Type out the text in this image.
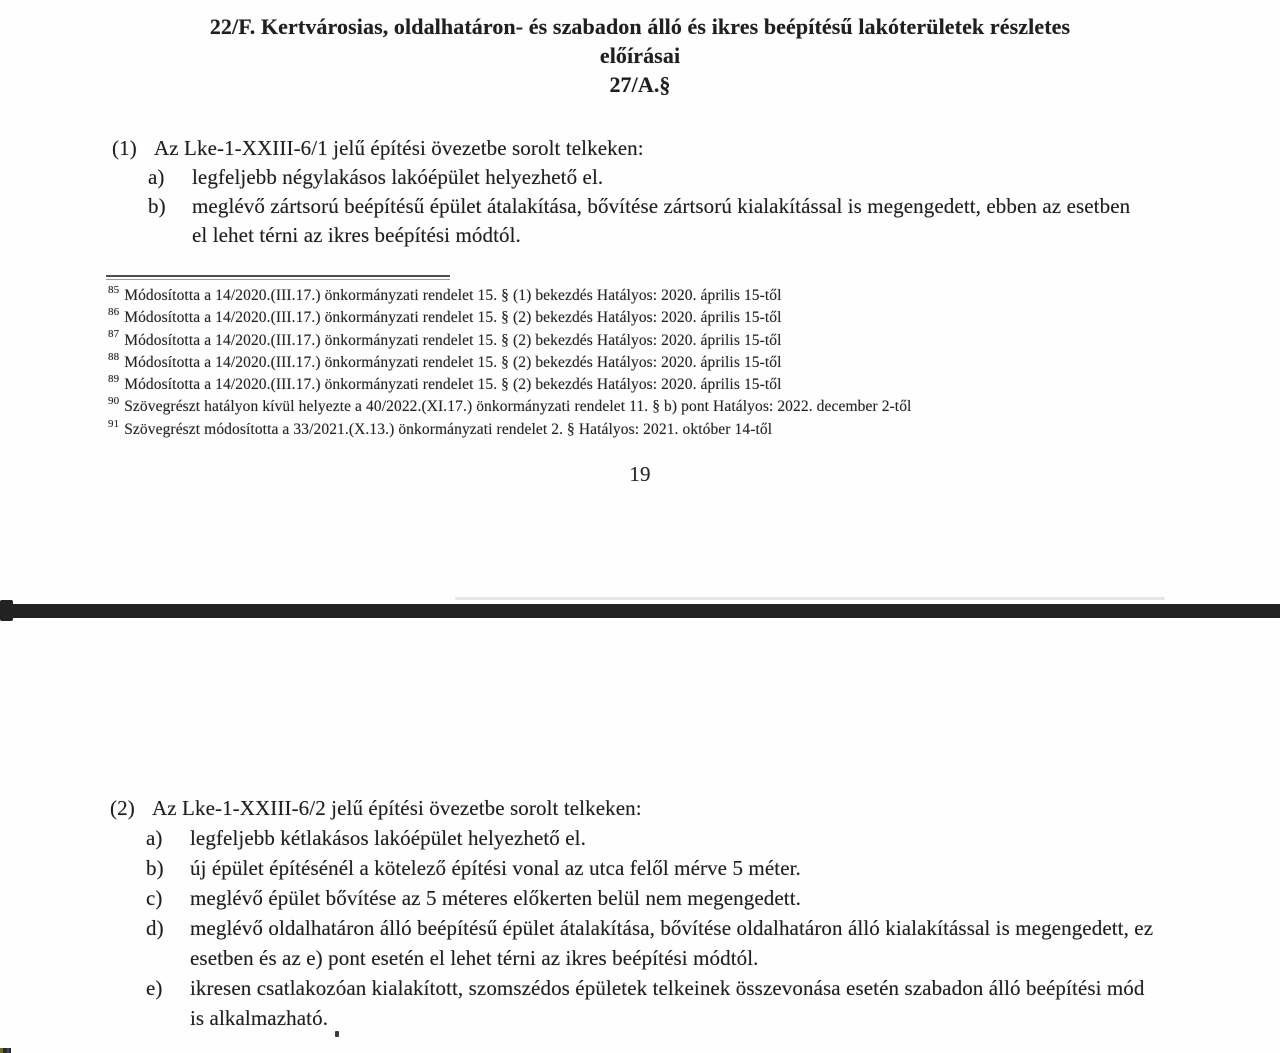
22/F. Kertvárosias, oldalhatáron- és szabadon álló és ikres beépítésű lakóterületek részletes
előírásai
27/A.§
(1) Az Lke-1-XXIII-6/1 jelű építési övezetbe sorolt telkeken:
a)	legfeljebb négylakásos lakóépület helyezhető el.
b)	meglévő zártsorú beépítésű épület átalakítása, bővítése zártsorú kialakítással is megengedett, ebben az esetben el lehet térni az ikres beépítési módtól.
$^{85}$ Módosította a 14/2020.(III.17.) önkormányzati rendelet 15. § (1) bekezdés Hatályos: 2020. április 15-től
$^{86}$ Módosította a 14/2020.(III.17.) önkormányzati rendelet 15. § (2) bekezdés Hatályos: 2020. április 15-től
$^{87}$ Módosította a 14/2020.(III.17.) önkormányzati rendelet 15. § (2) bekezdés Hatályos: 2020. április 15-től
$^{88}$ Módosította a 14/2020.(III.17.) önkormányzati rendelet 15. § (2) bekezdés Hatályos: 2020. április 15-től
$^{89}$ Módosította a 14/2020.(III.17.) önkormányzati rendelet 15. § (2) bekezdés Hatályos: 2020. április 15-től
$^{90}$ Szövegrészt hatályon kívül helyezte a 40/2022.(XI.17.) önkormányzati rendelet 11. § b) pont Hatályos: 2022. december 2-től
$^{91}$ Szövegrészt módosította a 33/2021.(X.13.) önkormányzati rendelet 2. § Hatályos: 2021. október 14-től
19
(2) Az Lke-1-XXIII-6/2 jelű építési övezetbe sorolt telkeken:
a)	legfeljebb kétlakásos lakóépület helyezhető el.
b)	új épület építésénél a kötelező építési vonal az utca felől mérve 5 méter.
c)	meglévő épület bővítése az 5 méteres előkerten belül nem megengedett.
d)	meglévő oldalhatáron álló beépítésű épület átalakítása, bővítése oldalhatáron álló kialakítással is megengedett, ez esetben és az e) pont esetén el lehet térni az ikres beépítési módtól.
e)	ikresen csatlakozóan kialakított, szomszédos épületek telkeinek összevonása esetén szabadon álló beépítési mód is alkalmazható.
